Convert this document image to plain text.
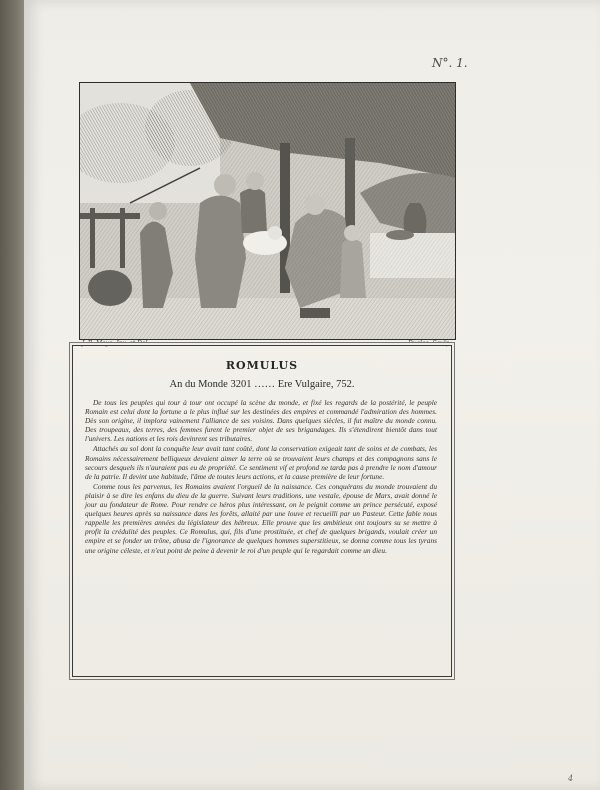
N°. 1.
J. B. Moye, Inv. et Del.	Duclos. Sculp.
ROMULUS
An du Monde 3201 …… Ere Vulgaire, 752.

De tous les peuples qui tour à tour ont occupé la scène du monde, et fixé les regards de la postérité, le peuple Romain est celui dont la fortune a le plus influé sur les destinées des empires et commandé l'admiration des hommes. Dès son origine, il implora vainement l'alliance de ses voisins. Dans quelques siècles, il fut maître du monde connu. Des troupeaux, des terres, des femmes furent le premier objet de ses brigandages. Ils s'étendirent bientôt dans tout l'univers. Les nations et les rois devinrent ses tributaires.

Attachés au sol dont la conquête leur avait tant coûté, dont la conservation exigeait tant de soins et de combats, les Romains nécessairement belliqueux devaient aimer la terre où se trouvaient leurs champs et des compagnons sans le secours desquels ils n'auraient pas eu de propriété. Ce sentiment vif et profond ne tarda pas à prendre le nom d'amour de la patrie. Il devint une habitude, l'âme de toutes leurs actions, et la cause première de leur fortune.

Comme tous les parvenus, les Romains avaient l'orgueil de la naissance. Ces conquérans du monde trouvaient du plaisir à se dire les enfans du dieu de la guerre. Suivant leurs traditions, une vestale, épouse de Mars, avait donné le jour au fondateur de Rome. Pour rendre ce héros plus intéressant, on le peignit comme un prince persécuté, exposé quelques heures après sa naissance dans les forêts, allaité par une louve et recueilli par un Pasteur. Cette fable nous rappelle les premières années du législateur des hébreux. Elle prouve que les ambitieux ont toujours su se mettre à profit la crédulité des peuples. Ce Romulus, qui, fils d'une prostituée, et chef de quelques brigands, voulait créer un empire et se fonder un trône, abusa de l'ignorance de quelques hommes superstitieux, se donna comme tous les tyrans une origine céleste, et n'eut point de peine à devenir le roi d'un peuple qui le regardait comme un dieu.

4
